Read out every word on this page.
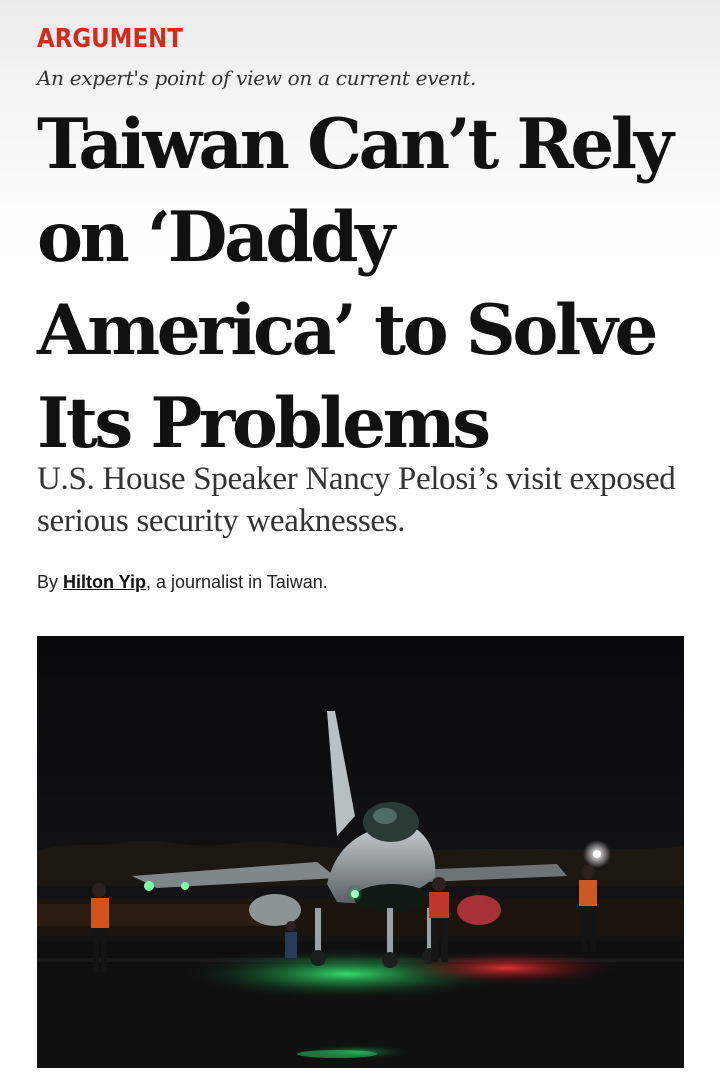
ARGUMENT
An expert's point of view on a current event.
Taiwan Can’t Rely on ‘Daddy America’ to Solve Its Problems

U.S. House Speaker Nancy Pelosi’s visit exposed serious security weaknesses.

By Hilton Yip, a journalist in Taiwan.
